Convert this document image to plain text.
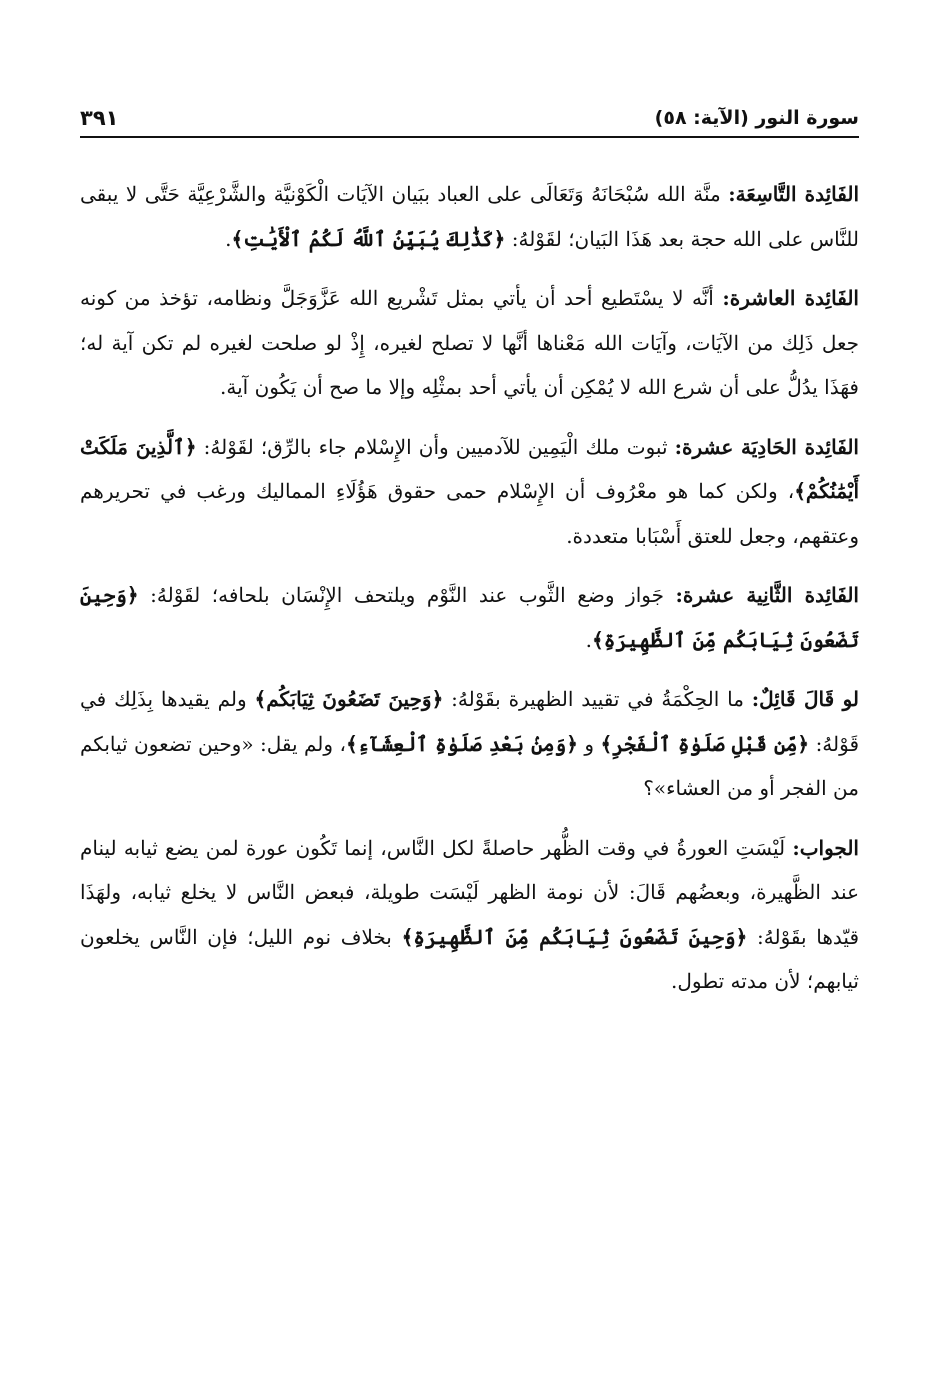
سورة النور (الآية: ٥٨)
٣٩١

الفَائِدة التَّاسِعَة: منَّة الله سُبْحَانَهُ وَتَعَالَى على العباد ببَيان الآيَات الْكَوْنيَّة والشَّرْعِيَّة حَتَّى لا يبقى للنَّاس على الله حجة بعد هَذَا البَيان؛ لقَوْلهُ: ﴿كَذَٰلِكَ يُبَيِّنُ ٱللَّهُ لَكُمُ ٱلْأَيَٰتِ﴾.

الفَائِدة العاشرة: أنَّه لا يسْتَطيع أحد أن يأتي بمثل تَشْريع الله عَزَّوَجَلَّ ونظامه، تؤخذ من كونه جعل ذَلِك من الآيَات، وآيَات الله مَعْناها أنَّها لا تصلح لغيره، إِذْ لو صلحت لغيره لم تكن آية له؛ فهَذَا يدُلُّ على أن شرع الله لا يُمْكِن أن يأتي أحد بمثْلِه وإلا ما صح أن يَكُون آية.

الفَائِدة الحَادِيَة عشرة: ثبوت ملك الْيَمِين للآدميين وأن الإِسْلام جاء بالرِّق؛ لقَوْلهُ: ﴿ٱلَّذِينَ مَلَكَتْ أَيْمَٰنُكُمْ﴾، ولكن كما هو معْرُوف أن الإِسْلام حمى حقوق هَؤُلَاءِ المماليك ورغب في تحريرهم وعتقهم، وجعل للعتق أَسْبَابا متعددة.

الفَائِدة الثَّانِية عشرة: جَواز وضع الثَّوب عند النَّوْم ويلتحف الإِنْسَان بلحافه؛ لقَوْلهُ: ﴿وَحِينَ تَضَعُونَ ثِيَابَكُم مِّنَ ٱلظَّهِيرَةِ﴾.

لو قَالَ قَائِلٌ: ما الحِكْمَةُ في تقييد الظهيرة بقَوْلهُ: ﴿وَحِينَ تَضَعُونَ ثِيَابَكُم﴾ ولم يقيدها بِذَلِك في قَوْلهُ: ﴿مِّن قَبْلِ صَلَوٰةِ ٱلْفَجْرِ﴾ و ﴿وَمِنۢ بَعْدِ صَلَوٰةِ ٱلْعِشَآءِ﴾، ولم يقل: «وحين تضعون ثيابكم من الفجر أو من العشاء»؟

الجواب: لَيْسَتِ العورةُ في وقت الظُّهر حاصلةً لكل النَّاس، إنما تَكُون عورة لمن يضع ثيابه لينام عند الظَّهيرة، وبعضُهم قَالَ: لأن نومة الظهر لَيْسَت طويلة، فبعض النَّاس لا يخلع ثيابه، ولهَذَا قيّدها بقَوْلهُ: ﴿وَحِينَ تَضَعُونَ ثِيَابَكُم مِّنَ ٱلظَّهِيرَةِ﴾ بخلاف نوم الليل؛ فإن النَّاس يخلعون ثيابهم؛ لأن مدته تطول.
